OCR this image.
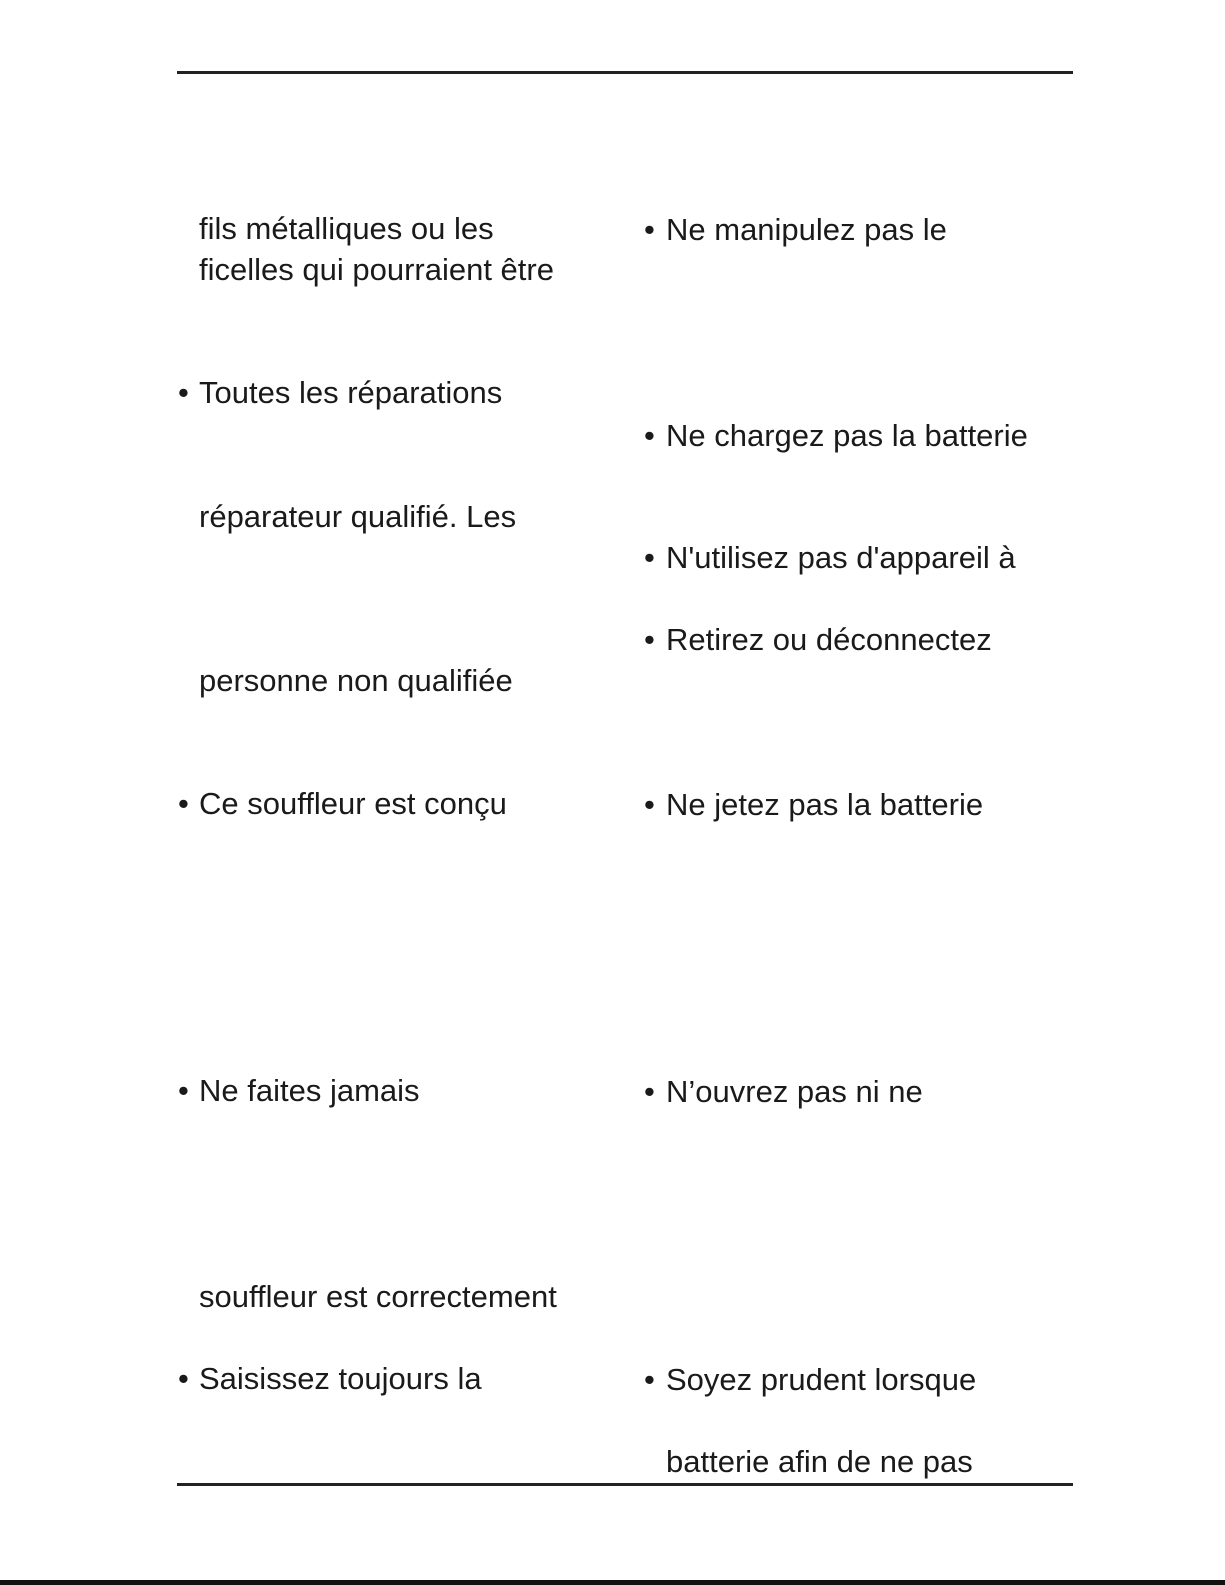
fils métalliques ou les
ficelles qui pourraient être
• Toutes les réparations
réparateur qualifié. Les
personne non qualifiée
• Ce souffleur est conçu
• Ne faites jamais
souffleur est correctement
• Saisissez toujours la
• Ne manipulez pas le
• Ne chargez pas la batterie
• N'utilisez pas d'appareil à
• Retirez ou déconnectez
• Ne jetez pas la batterie
• N’ouvrez pas ni ne
• Soyez prudent lorsque
batterie afin de ne pas
